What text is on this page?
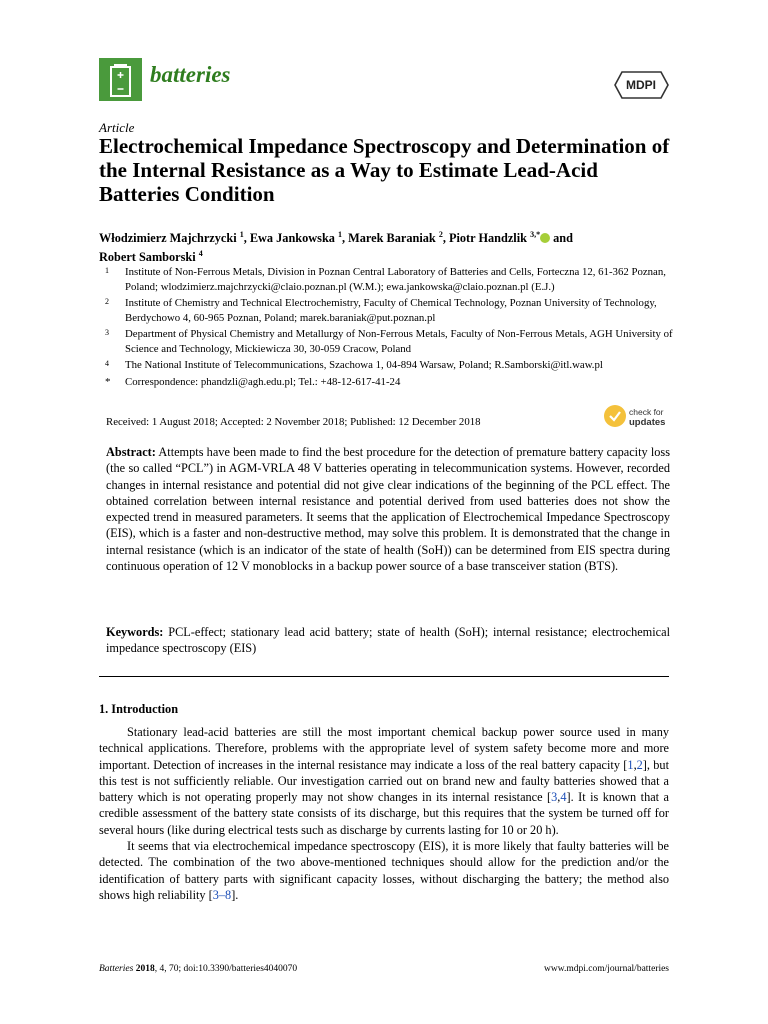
batteries	MDPI
Article
Electrochemical Impedance Spectroscopy and Determination of the Internal Resistance as a Way to Estimate Lead-Acid Batteries Condition
Włodzimierz Majchrzycki $^1$, Ewa Jankowska $^1$, Marek Baraniak $^2$, Piotr Handzlik $^{3,*}$ and
Robert Samborski $^4$
1 Institute of Non-Ferrous Metals, Division in Poznan Central Laboratory of Batteries and Cells, Forteczna 12, 61-362 Poznan, Poland; wlodzimierz.majchrzycki@claio.poznan.pl (W.M.); ewa.jankowska@claio.poznan.pl (E.J.)
2 Institute of Chemistry and Technical Electrochemistry, Faculty of Chemical Technology, Poznan University of Technology, Berdychowo 4, 60-965 Poznan, Poland; marek.baraniak@put.poznan.pl
3 Department of Physical Chemistry and Metallurgy of Non-Ferrous Metals, Faculty of Non-Ferrous Metals, AGH University of Science and Technology, Mickiewicza 30, 30-059 Cracow, Poland
4 The National Institute of Telecommunications, Szachowa 1, 04-894 Warsaw, Poland; R.Samborski@itl.waw.pl
* Correspondence: phandzli@agh.edu.pl; Tel.: +48-12-617-41-24
Received: 1 August 2018; Accepted: 2 November 2018; Published: 12 December 2018
check for
updates
Abstract: Attempts have been made to find the best procedure for the detection of premature battery capacity loss (the so called “PCL”) in AGM-VRLA 48 V batteries operating in telecommunication systems. However, recorded changes in internal resistance and potential did not give clear indications of the beginning of the PCL effect. The obtained correlation between internal resistance and potential derived from used batteries does not show the expected trend in measured parameters. It seems that the application of Electrochemical Impedance Spectroscopy (EIS), which is a faster and non-destructive method, may solve this problem. It is demonstrated that the change in internal resistance (which is an indicator of the state of health (SoH)) can be determined from EIS spectra during continuous operation of 12 V monoblocks in a backup power source of a base transceiver station (BTS).
Keywords: PCL-effect; stationary lead acid battery; state of health (SoH); internal resistance; electrochemical impedance spectroscopy (EIS)
1. Introduction

Stationary lead-acid batteries are still the most important chemical backup power source used in many technical applications. Therefore, problems with the appropriate level of system safety become more and more important. Detection of increases in the internal resistance may indicate a loss of the real battery capacity [1,2], but this test is not sufficiently reliable. Our investigation carried out on brand new and faulty batteries showed that a battery which is not operating properly may not show changes in its internal resistance [3,4]. It is known that a credible assessment of the battery state consists of its discharge, but this requires that the system be turned off for several hours (like during electrical tests such as discharge by currents lasting for 10 or 20 h).

It seems that via electrochemical impedance spectroscopy (EIS), it is more likely that faulty batteries will be detected. The combination of the two above-mentioned techniques should allow for the prediction and/or the identification of battery parts with significant capacity losses, without discharging the battery; the method also shows high reliability [3–8].

Batteries 2018, 4, 70; doi:10.3390/batteries4040070	www.mdpi.com/journal/batteries
